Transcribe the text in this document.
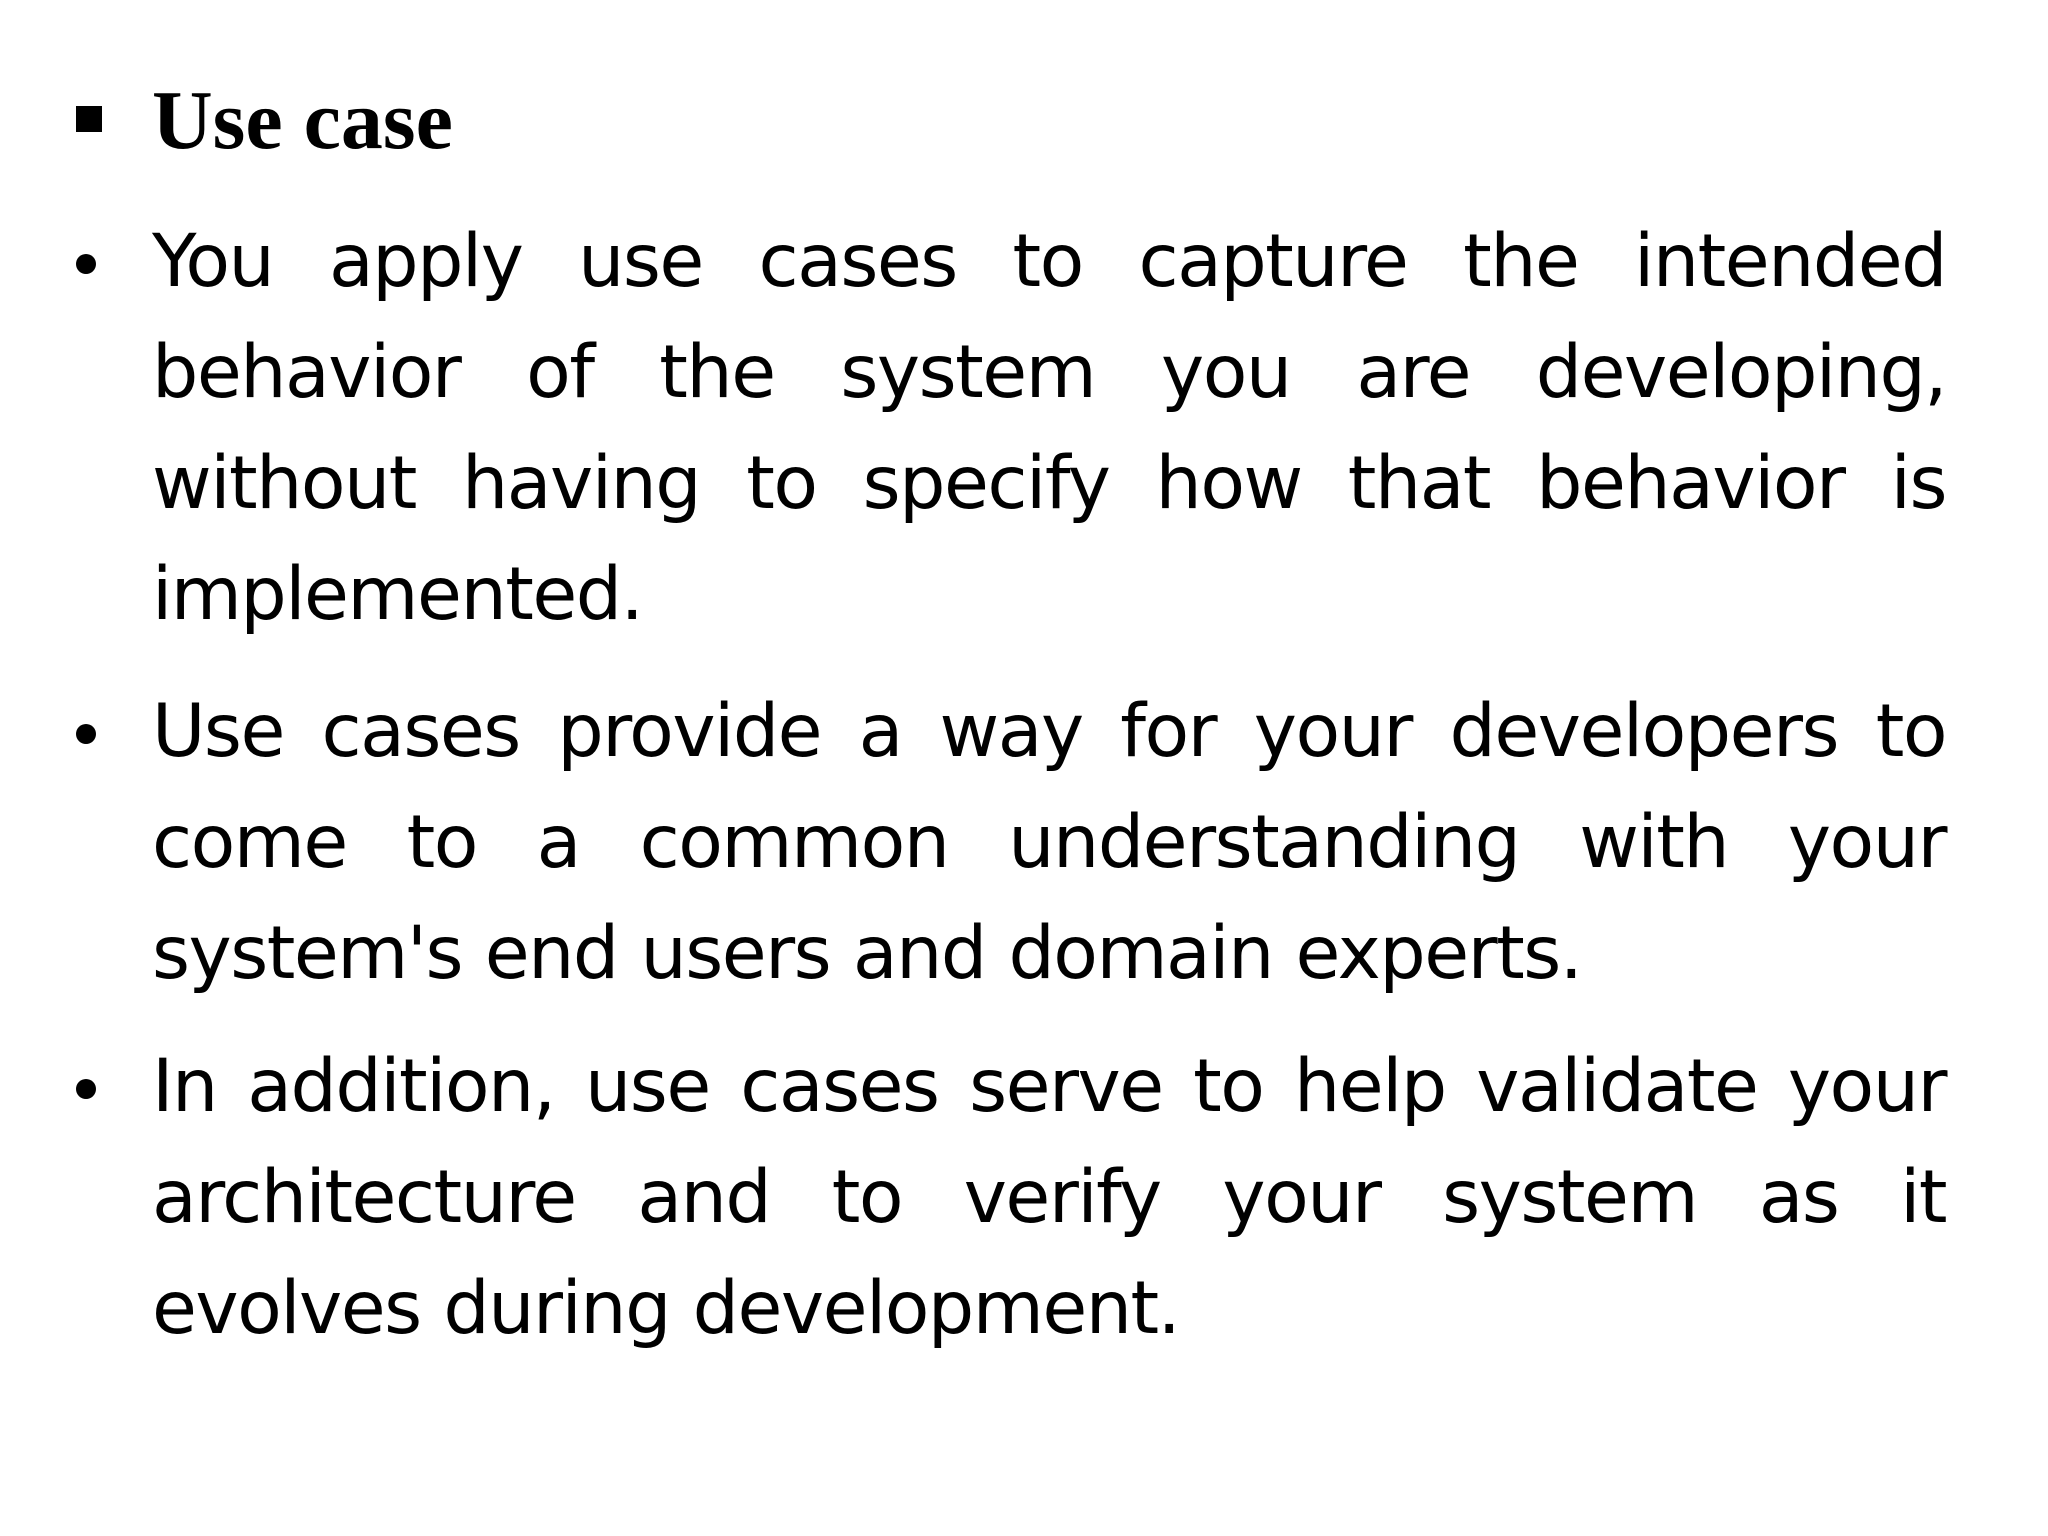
Use case
You apply use cases to capture the intended behavior of the system you are developing, without having to specify how that behavior is implemented.
Use cases provide a way for your developers to come to a common understanding with your system's end users and domain experts.
In addition, use cases serve to help validate your architecture and to verify your system as it evolves during development.
